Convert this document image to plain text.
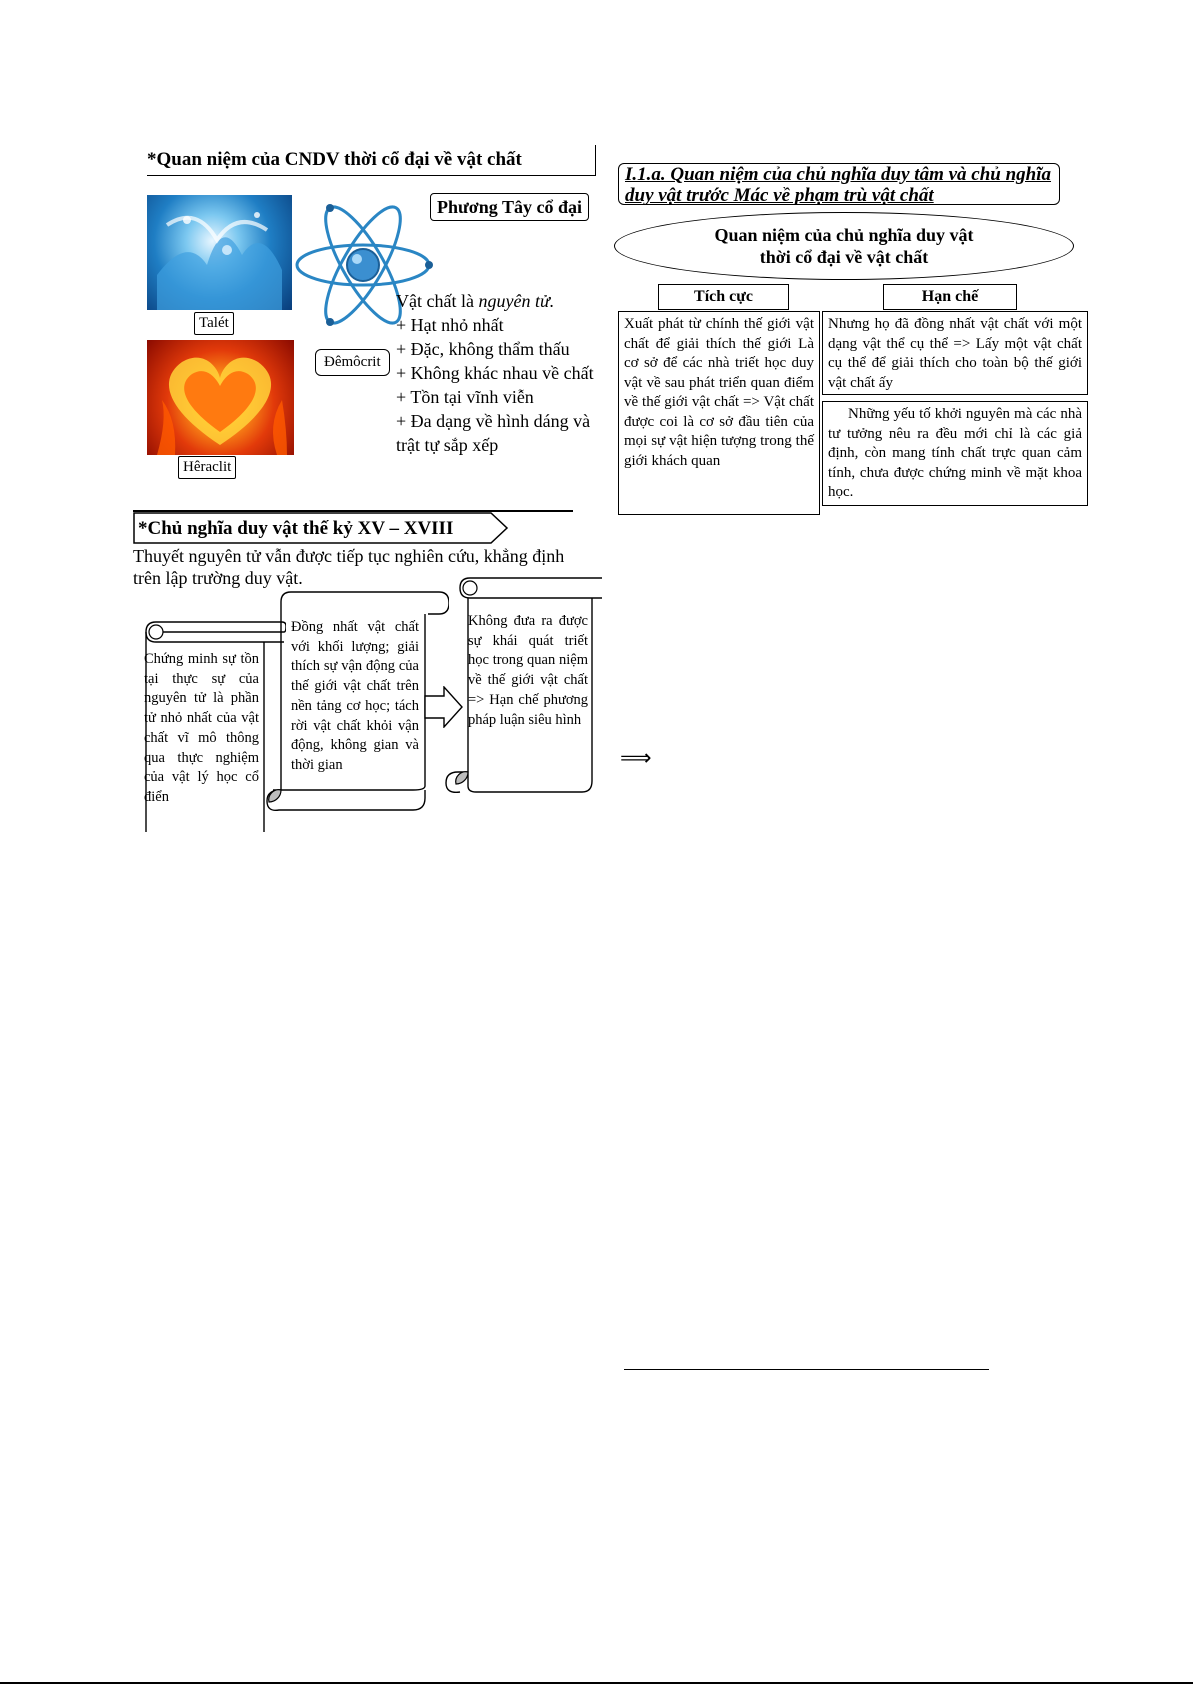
*Quan niệm của CNDV thời cổ đại về vật chất
Phương Tây cổ đại
Talét
Hêraclit
Đêmôcrit
Vật chất là nguyên tử.
+ Hạt nhỏ nhất
+ Đặc, không thẩm thấu
+ Không khác nhau về chất
+ Tồn tại vĩnh viễn
+ Đa dạng về hình dáng và
trật tự sắp xếp
*Chủ nghĩa duy vật thế kỷ XV – XVIII
Thuyết nguyên tử vẫn được tiếp tục nghiên cứu, khẳng định trên lập trường duy vật.
Chứng minh sự tồn tại thực sự của nguyên tử là phần tử nhỏ nhất của vật chất vĩ mô thông qua thực nghiệm của vật lý học cổ điển
Đồng nhất vật chất với khối lượng; giải thích sự vận động của thế giới vật chất trên nền tảng cơ học; tách rời vật chất khỏi vận động, không gian và thời gian
Không đưa ra được sự khái quát triết học trong quan niệm về thế giới vật chất => Hạn chế phương pháp luận siêu hình
I.1.a. Quan niệm của chủ nghĩa duy tâm và chủ nghĩa duy vật trước Mác về phạm trù vật chất
Quan niệm của chủ nghĩa duy vật
thời cổ đại về vật chất
Tích cực	Hạn chế
Xuất phát từ chính thế giới vật chất để giải thích thế giới Là cơ sở để các nhà triết học duy vật về sau phát triển quan điểm về thế giới vật chất => Vật chất được coi là cơ sở đầu tiên của mọi sự vật hiện tượng trong thế giới khách quan
Nhưng họ đã đồng nhất vật chất với một dạng vật thể cụ thể => Lấy một vật chất cụ thể để giải thích cho toàn bộ thế giới vật chất ấy
Những yếu tố khởi nguyên mà các nhà tư tưởng nêu ra đều mới chỉ là các giả định, còn mang tính chất trực quan cảm tính, chưa được chứng minh về mặt khoa học.
⟹
